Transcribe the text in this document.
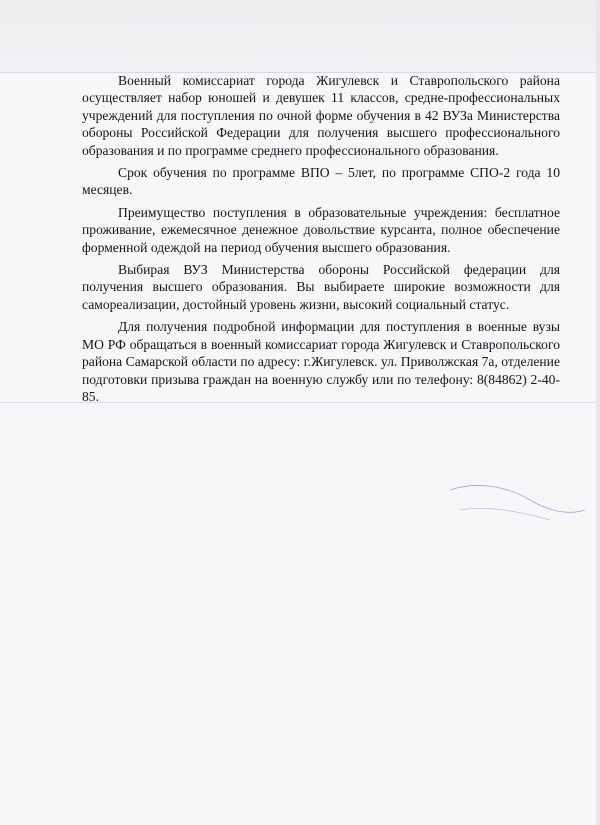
Военный комиссариат города Жигулевск и Ставропольского района осуществляет набор юношей и девушек 11 классов, средне-профессиональных учреждений для поступления по очной форме обучения в 42 ВУЗа Министерства обороны Российской Федерации для получения высшего профессионального образования и по программе среднего профессионального образования.

Срок обучения по программе ВПО – 5лет, по программе СПО-2 года 10 месяцев.

Преимущество поступления в образовательные учреждения: бесплатное проживание, ежемесячное денежное довольствие курсанта, полное обеспечение форменной одеждой на период обучения высшего образования.

Выбирая ВУЗ Министерства обороны Российской федерации для получения высшего образования. Вы выбираете широкие возможности для самореализации, достойный уровень жизни, высокий социальный статус.

Для получения подробной информации для поступления в военные вузы МО РФ обращаться в военный комиссариат города Жигулевск и Ставропольского района Самарской области по адресу: г.Жигулевск. ул. Приволжская 7а, отделение подготовки призыва граждан на военную службу или по телефону: 8(84862) 2-40-85.
